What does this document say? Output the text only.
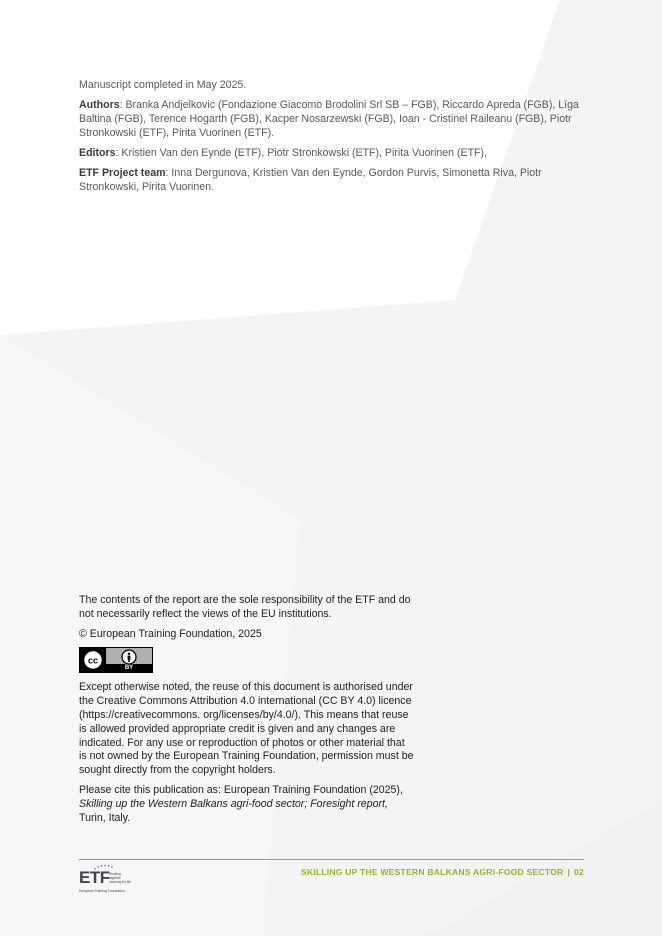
Manuscript completed in May 2025.

Authors: Branka Andjelkovic (Fondazione Giacomo Brodolini Srl SB – FGB), Riccardo Apreda (FGB), Līga Baltina (FGB), Terence Hogarth (FGB), Kacper Nosarzewski (FGB), Ioan - Cristinel Raileanu (FGB), Piotr Stronkowski (ETF), Pirita Vuorinen (ETF).

Editors: Kristien Van den Eynde (ETF), Piotr Stronkowski (ETF), Pirita Vuorinen (ETF),

ETF Project team: Inna Dergunova, Kristien Van den Eynde, Gordon Purvis, Simonetta Riva, Piotr Stronkowski, Pirita Vuorinen.

The contents of the report are the sole responsibility of the ETF and do not necessarily reflect the views of the EU institutions.

© European Training Foundation, 2025

cc
BY

Except otherwise noted, the reuse of this document is authorised under the Creative Commons Attribution 4.0 international (CC BY 4.0) licence (https://creativecommons. org/licenses/by/4.0/). This means that reuse is allowed provided appropriate credit is given and any changes are indicated. For any use or reproduction of photos or other material that is not owned by the European Training Foundation, permission must be sought directly from the copyright holders.

Please cite this publication as: European Training Foundation (2025), Skilling up the Western Balkans agri-food sector; Foresight report, Turin, Italy.

ETF Working together Learning for life
European Training Foundation
SKILLING UP THE WESTERN BALKANS AGRI-FOOD SECTOR | 02
